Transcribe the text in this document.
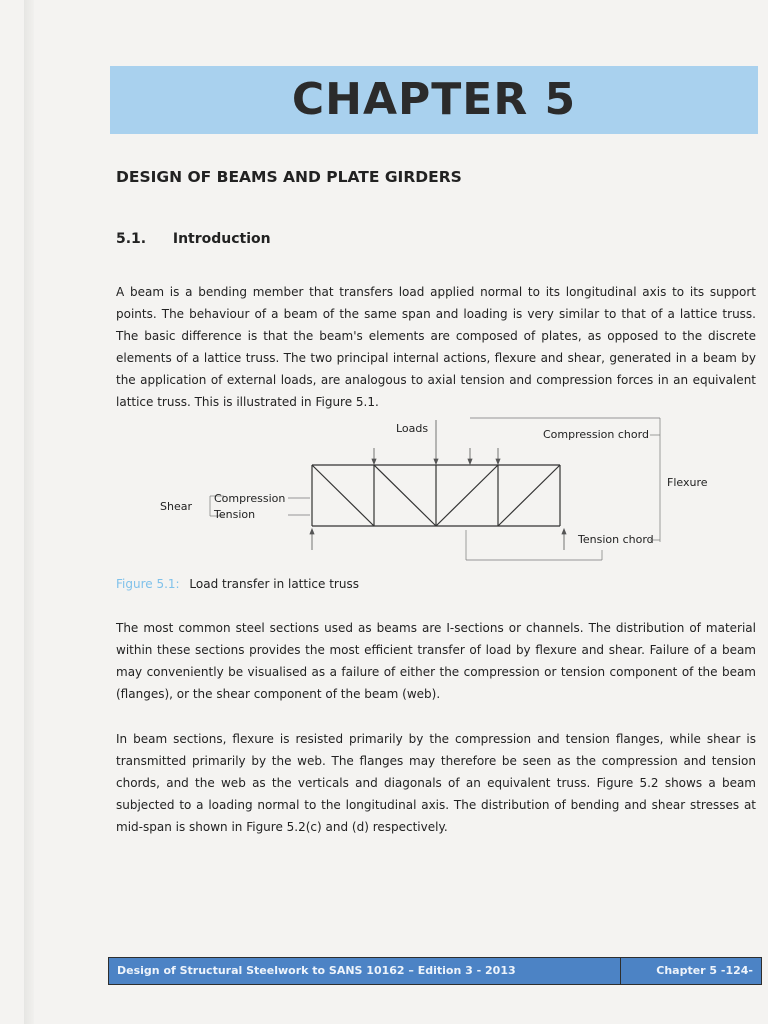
CHAPTER 5
DESIGN OF BEAMS AND PLATE GIRDERS
5.1. Introduction

A beam is a bending member that transfers load applied normal to its longitudinal axis to its support points. The behaviour of a beam of the same span and loading is very similar to that of a lattice truss. The basic difference is that the beam's elements are composed of plates, as opposed to the discrete elements of a lattice truss. The two principal internal actions, flexure and shear, generated in a beam by the application of external loads, are analogous to axial tension and compression forces in an equivalent lattice truss. This is illustrated in Figure 5.1.

Loads	Compression chord
Flexure
Shear
Compression
Tension
Tension chord
Figure 5.1: Load transfer in lattice truss

The most common steel sections used as beams are I-sections or channels. The distribution of material within these sections provides the most efficient transfer of load by flexure and shear. Failure of a beam may conveniently be visualised as a failure of either the compression or tension component of the beam (flanges), or the shear component of the beam (web).

In beam sections, flexure is resisted primarily by the compression and tension flanges, while shear is transmitted primarily by the web. The flanges may therefore be seen as the compression and tension chords, and the web as the verticals and diagonals of an equivalent truss. Figure 5.2 shows a beam subjected to a loading normal to the longitudinal axis. The distribution of bending and shear stresses at mid-span is shown in Figure 5.2(c) and (d) respectively.

Design of Structural Steelwork to SANS 10162 – Edition 3 - 2013	Chapter 5 -124-
